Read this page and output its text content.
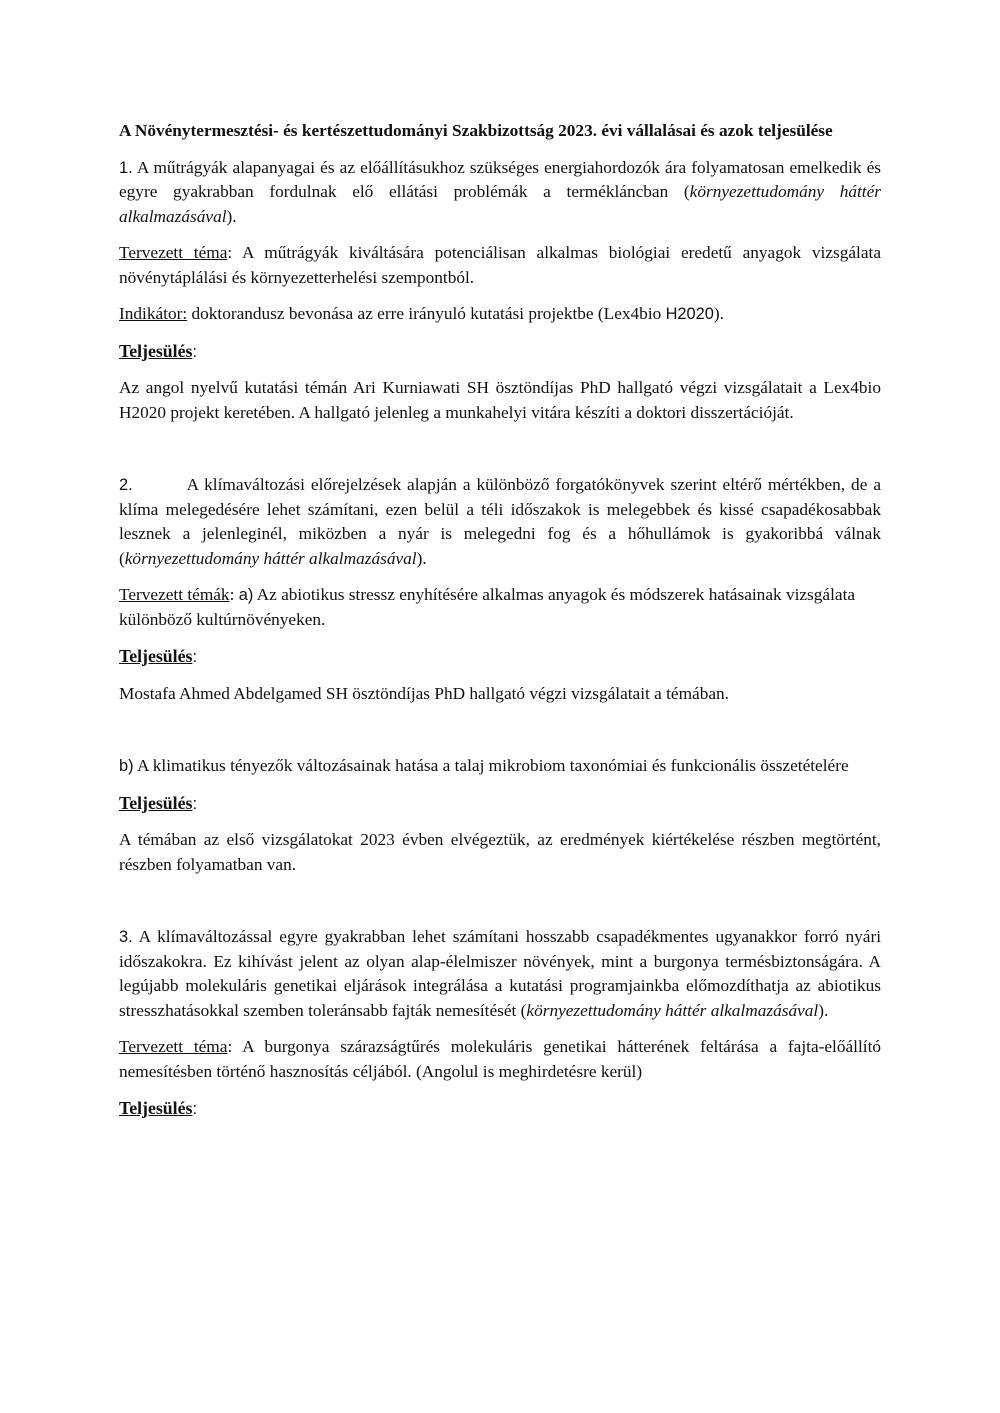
A Növénytermesztési- és kertészettudományi Szakbizottság 2023. évi vállalásai és azok teljesülése

1. A műtrágyák alapanyagai és az előállításukhoz szükséges energiahordozók ára folyamatosan emelkedik és egyre gyakrabban fordulnak elő ellátási problémák a termékláncban (környezettudomány háttér alkalmazásával).

Tervezett téma: A műtrágyák kiváltására potenciálisan alkalmas biológiai eredetű anyagok vizsgálata növénytáplálási és környezetterhelési szempontból.

Indikátor: doktorandusz bevonása az erre irányuló kutatási projektbe (Lex4bio H2020).

Teljesülés:

Az angol nyelvű kutatási témán Ari Kurniawati SH ösztöndíjas PhD hallgató végzi vizsgálatait a Lex4bio H2020 projekt keretében. A hallgató jelenleg a munkahelyi vitára készíti a doktori disszertációját.

2.	A klímaváltozási előrejelzések alapján a különböző forgatókönyvek szerint eltérő mértékben, de a klíma melegedésére lehet számítani, ezen belül a téli időszakok is melegebbek és kissé csapadékosabbak lesznek a jelenleginél, miközben a nyár is melegedni fog és a hőhullámok is gyakoribbá válnak (környezettudomány háttér alkalmazásával).

Tervezett témák: a) Az abiotikus stressz enyhítésére alkalmas anyagok és módszerek hatásainak vizsgálata különböző kultúrnövényeken.

Teljesülés:

Mostafa Ahmed Abdelgamed SH ösztöndíjas PhD hallgató végzi vizsgálatait a témában.

b) A klimatikus tényezők változásainak hatása a talaj mikrobiom taxonómiai és funkcionális összetételére

Teljesülés:

A témában az első vizsgálatokat 2023 évben elvégeztük, az eredmények kiértékelése részben megtörtént, részben folyamatban van.

3. A klímaváltozással egyre gyakrabban lehet számítani hosszabb csapadékmentes ugyanakkor forró nyári időszakokra. Ez kihívást jelent az olyan alap-élelmiszer növények, mint a burgonya termésbiztonságára. A legújabb molekuláris genetikai eljárások integrálása a kutatási programjainkba előmozdíthatja az abiotikus stresszhatásokkal szemben toleránsabb fajták nemesítését (környezettudomány háttér alkalmazásával).

Tervezett téma: A burgonya szárazságtűrés molekuláris genetikai hátterének feltárása a fajta-előállító nemesítésben történő hasznosítás céljából. (Angolul is meghirdetésre kerül)

Teljesülés:
